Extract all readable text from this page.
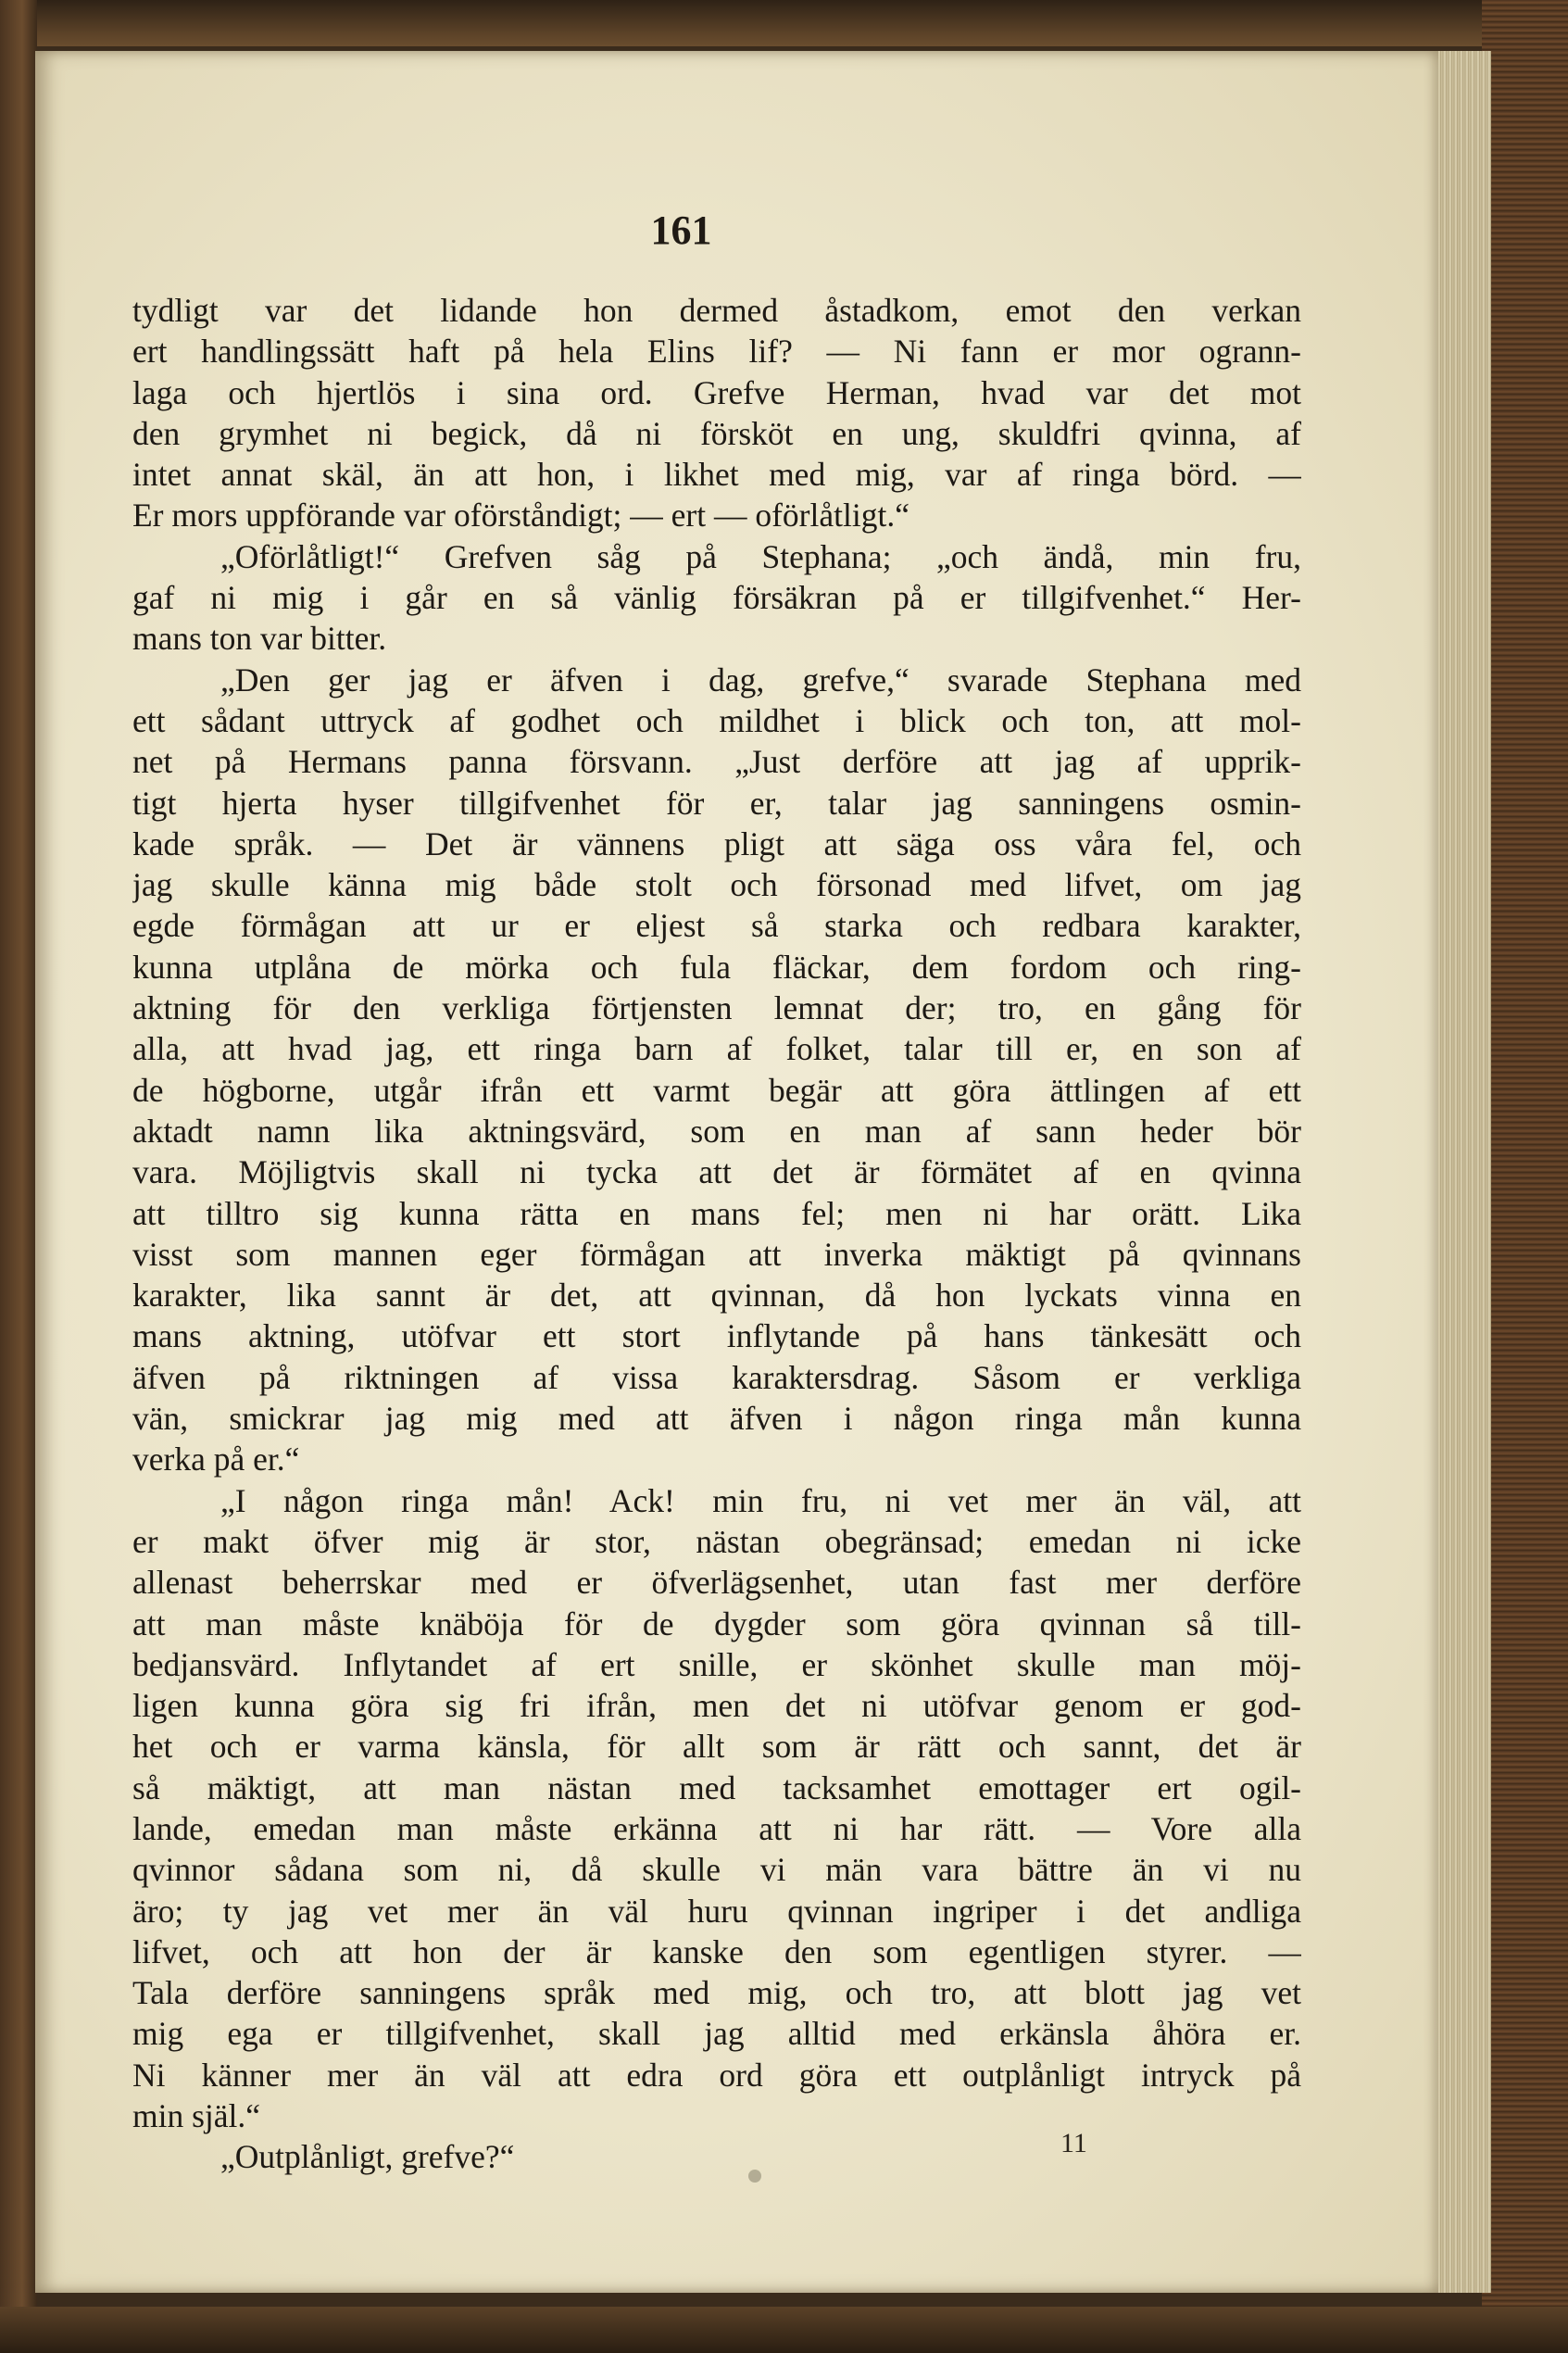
161
tydligt var det lidande hon dermed åstadkom, emot den verkan
ert handlingssätt haft på hela Elins lif? — Ni fann er mor ogrann-
laga och hjertlös i sina ord. Grefve Herman, hvad var det mot
den grymhet ni begick, då ni försköt en ung, skuldfri qvinna, af
intet annat skäl, än att hon, i likhet med mig, var af ringa börd. —
Er mors uppförande var oförståndigt; — ert — oförlåtligt.“
„Oförlåtligt!“ Grefven såg på Stephana; „och ändå, min fru,
gaf ni mig i går en så vänlig försäkran på er tillgifvenhet.“ Her-
mans ton var bitter.
„Den ger jag er äfven i dag, grefve,“ svarade Stephana med
ett sådant uttryck af godhet och mildhet i blick och ton, att mol-
net på Hermans panna försvann. „Just derföre att jag af upprik-
tigt hjerta hyser tillgifvenhet för er, talar jag sanningens osmin-
kade språk. — Det är vännens pligt att säga oss våra fel, och
jag skulle känna mig både stolt och försonad med lifvet, om jag
egde förmågan att ur er eljest så starka och redbara karakter,
kunna utplåna de mörka och fula fläckar, dem fordom och ring-
aktning för den verkliga förtjensten lemnat der; tro, en gång för
alla, att hvad jag, ett ringa barn af folket, talar till er, en son af
de högborne, utgår ifrån ett varmt begär att göra ättlingen af ett
aktadt namn lika aktningsvärd, som en man af sann heder bör
vara. Möjligtvis skall ni tycka att det är förmätet af en qvinna
att tilltro sig kunna rätta en mans fel; men ni har orätt. Lika
visst som mannen eger förmågan att inverka mäktigt på qvinnans
karakter, lika sannt är det, att qvinnan, då hon lyckats vinna en
mans aktning, utöfvar ett stort inflytande på hans tänkesätt och
äfven på riktningen af vissa karaktersdrag. Såsom er verkliga
vän, smickrar jag mig med att äfven i någon ringa mån kunna
verka på er.“
„I någon ringa mån! Ack! min fru, ni vet mer än väl, att
er makt öfver mig är stor, nästan obegränsad; emedan ni icke
allenast beherrskar med er öfverlägsenhet, utan fast mer derföre
att man måste knäböja för de dygder som göra qvinnan så till-
bedjansvärd. Inflytandet af ert snille, er skönhet skulle man möj-
ligen kunna göra sig fri ifrån, men det ni utöfvar genom er god-
het och er varma känsla, för allt som är rätt och sannt, det är
så mäktigt, att man nästan med tacksamhet emottager ert ogil-
lande, emedan man måste erkänna att ni har rätt. — Vore alla
qvinnor sådana som ni, då skulle vi män vara bättre än vi nu
äro; ty jag vet mer än väl huru qvinnan ingriper i det andliga
lifvet, och att hon der är kanske den som egentligen styrer. —
Tala derföre sanningens språk med mig, och tro, att blott jag vet
mig ega er tillgifvenhet, skall jag alltid med erkänsla åhöra er.
Ni känner mer än väl att edra ord göra ett outplånligt intryck på
min själ.“
„Outplånligt, grefve?“	11
